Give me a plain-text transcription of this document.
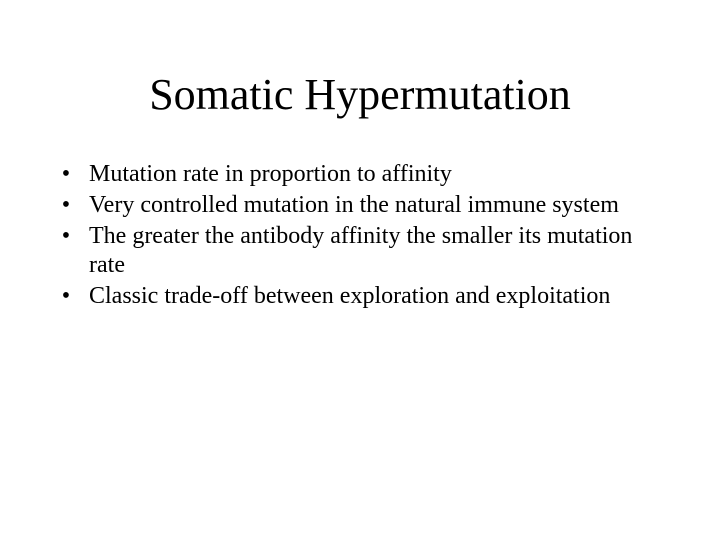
Somatic Hypermutation
• Mutation rate in proportion to affinity
• Very controlled mutation in the natural immune system
• The greater the antibody affinity the smaller its mutation rate
• Classic trade-off between exploration and exploitation
